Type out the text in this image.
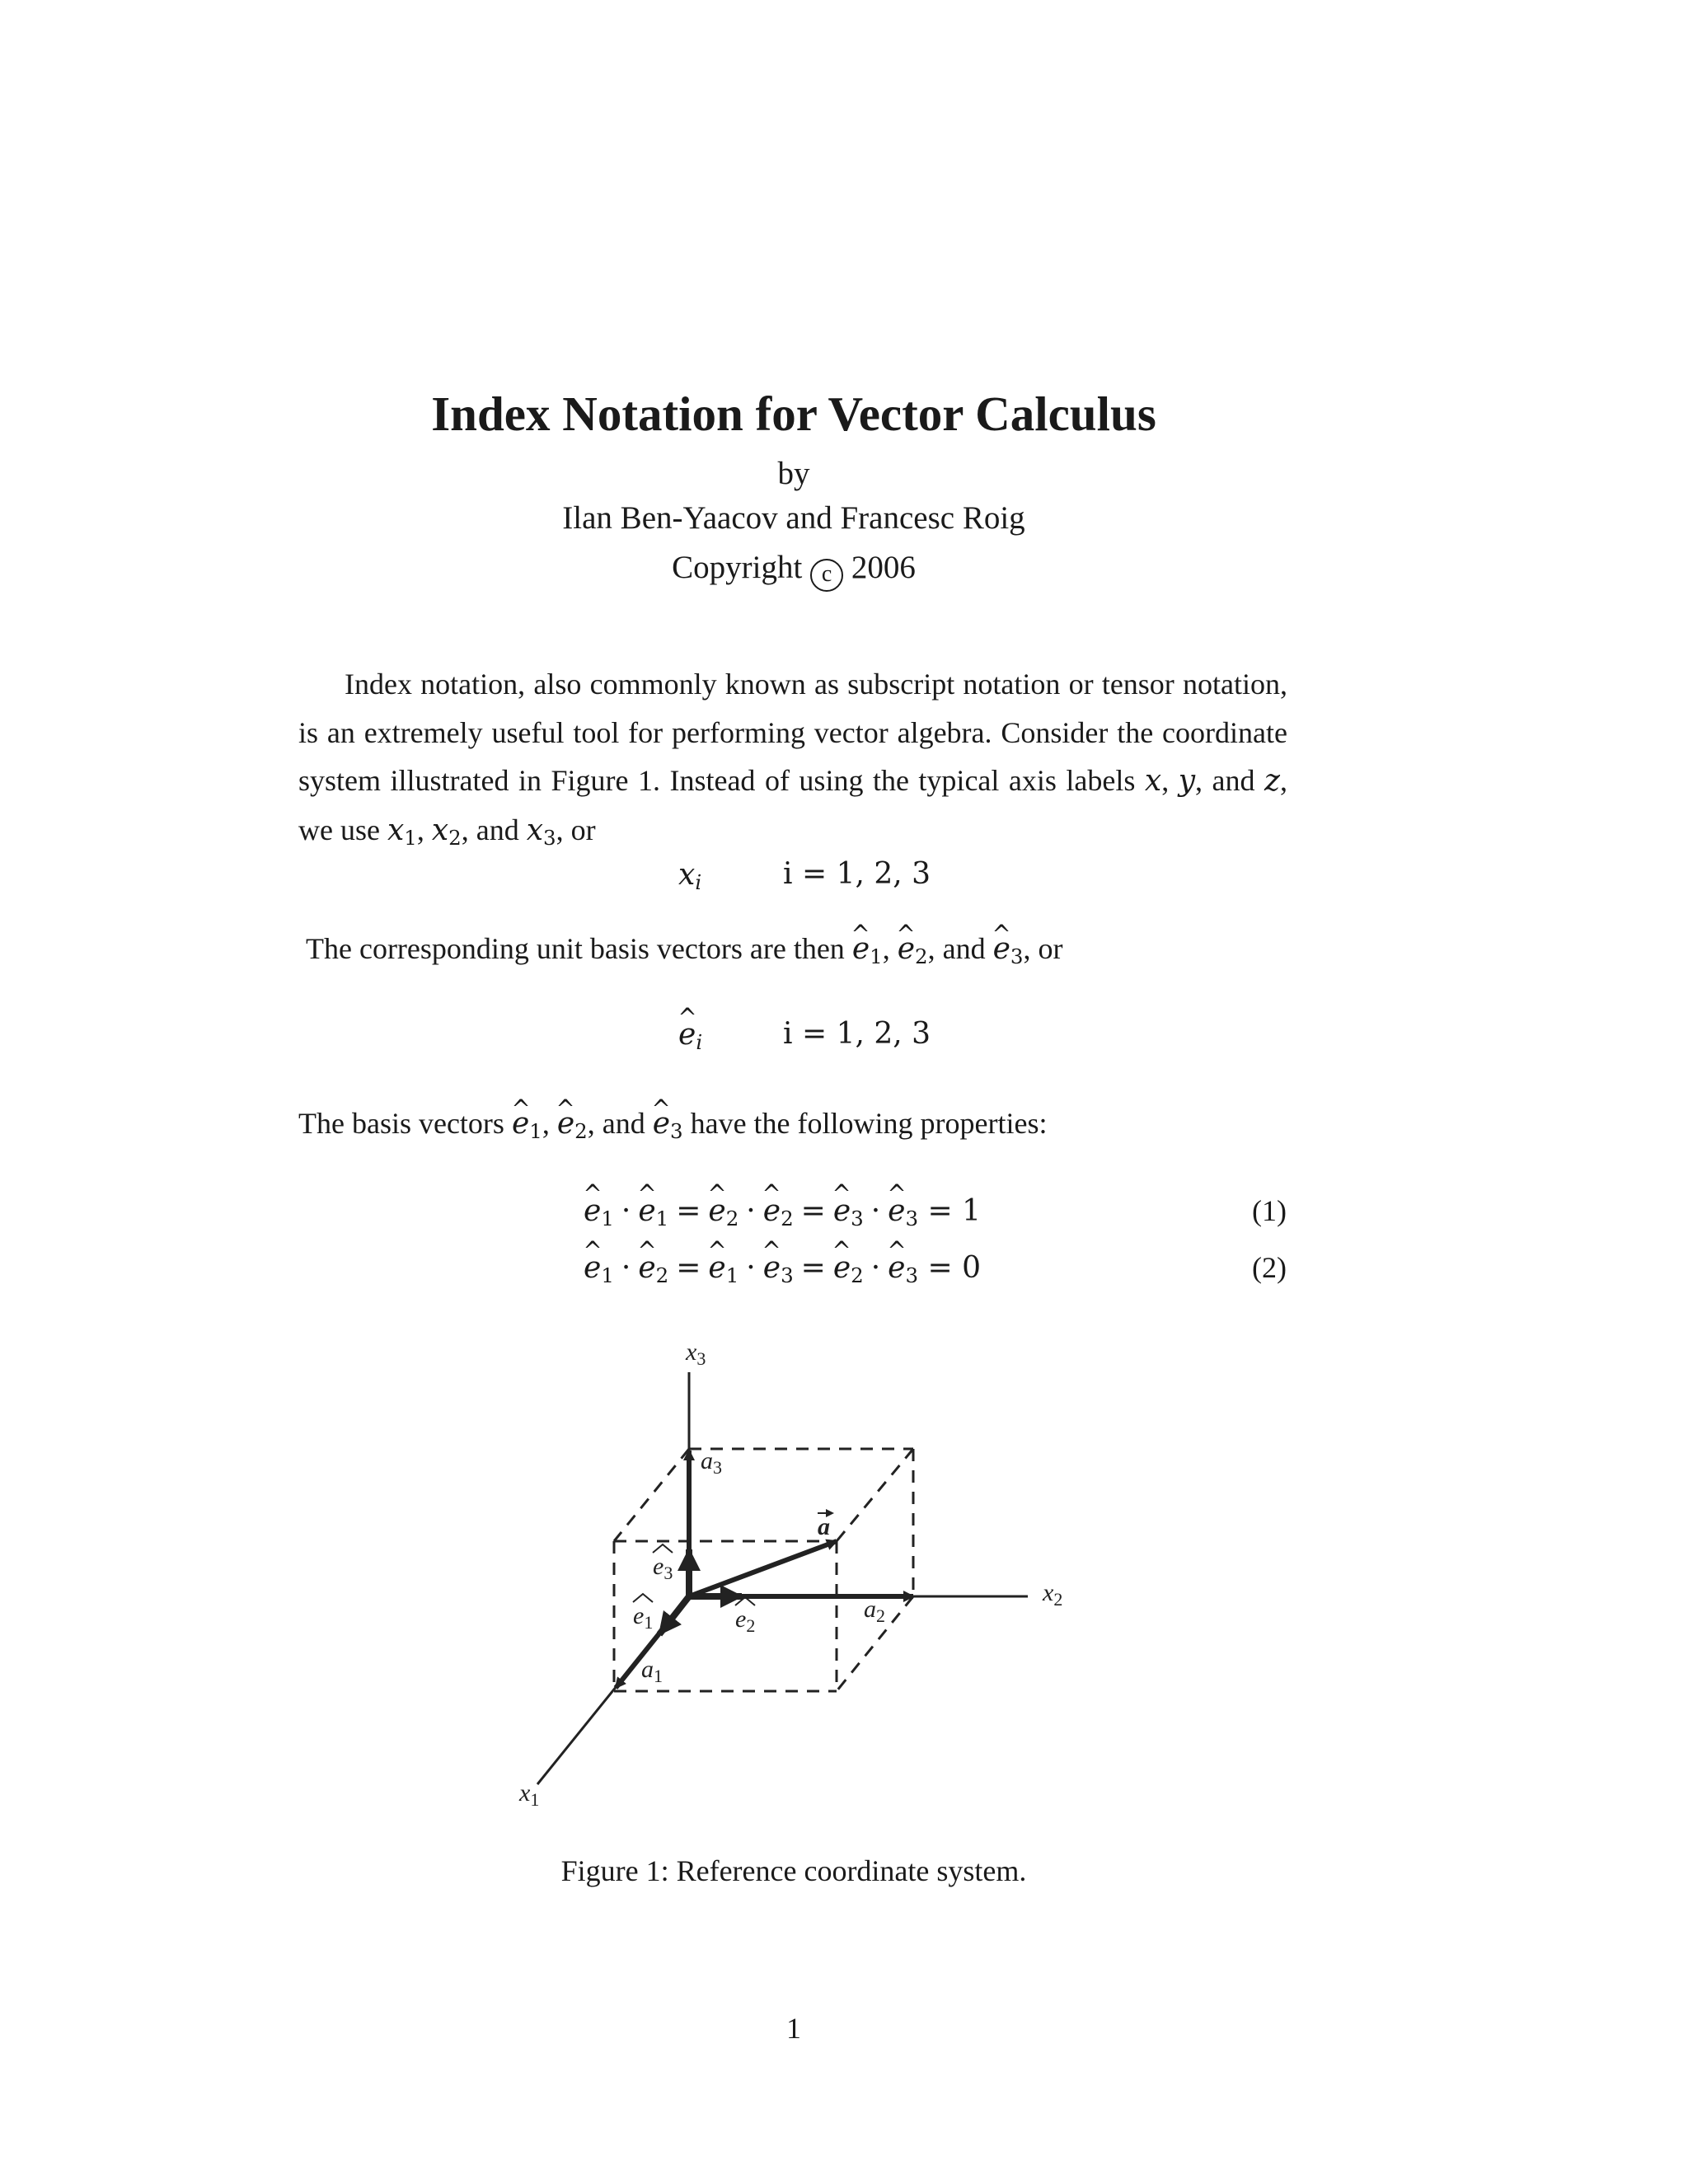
Index Notation for Vector Calculus
by
Ilan Ben-Yaacov and Francesc Roig
Copyright c 2006

Index notation, also commonly known as subscript notation or tensor notation,

is an extremely useful tool for performing vector algebra. Consider the coordinate

system illustrated in Figure 1. Instead of using the typical axis labels x, y, and z,

we use $x_1$, $x_2$, and $x_3$, or

$x_i$	i = 1, 2, 3
The corresponding unit basis vectors are then ^ $e_1$, ^ $e_2$, and ^ $e_3$, or
^ $e_i$	i = 1, 2, 3
The basis vectors ^ $e_1$, ^ $e_2$, and ^ $e_3$ have the following properties:
^ $e_1$ · ^ $e_1$ = ^ $e_2$ · ^ $e_2$ = ^ $e_3$ · ^ $e_3 = 1$	(1)
^ $e_1$ · ^ $e_2$ = ^ $e_1$ · ^ $e_3$ = ^ $e_2$ · ^ $e_3 = 0$	(2)
$x_3$
$x_2$
$x_1$
$a_3$
$a_2$
$a_1$
a
$e_3$
$e_1$	$e_2$
Figure 1: Reference coordinate system.
1
